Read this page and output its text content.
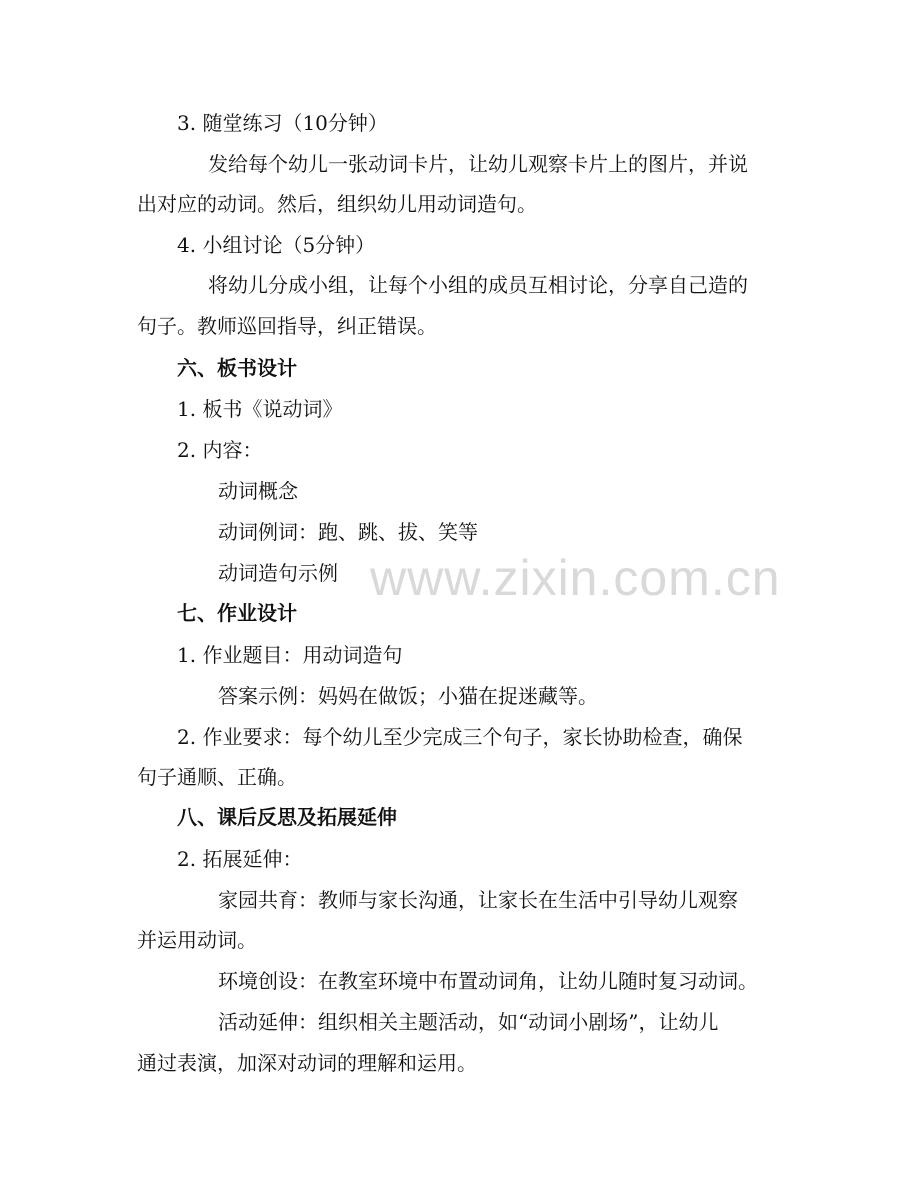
www.zixin.com.cn
3. 随堂练习（10分钟）
发给每个幼儿一张动词卡片，让幼儿观察卡片上的图片，并说
出对应的动词。然后，组织幼儿用动词造句。
4. 小组讨论（5分钟）
将幼儿分成小组，让每个小组的成员互相讨论，分享自己造的
句子。教师巡回指导，纠正错误。
六、板书设计
1. 板书《说动词》
2. 内容：
动词概念
动词例词：跑、跳、拔、笑等
动词造句示例
七、作业设计
1. 作业题目：用动词造句
答案示例：妈妈在做饭；小猫在捉迷藏等。
2. 作业要求：每个幼儿至少完成三个句子，家长协助检查，确保
句子通顺、正确。
八、课后反思及拓展延伸
2. 拓展延伸：
家园共育：教师与家长沟通，让家长在生活中引导幼儿观察
并运用动词。
环境创设：在教室环境中布置动词角，让幼儿随时复习动词。
活动延伸：组织相关主题活动，如“动词小剧场”，让幼儿
通过表演，加深对动词的理解和运用。
